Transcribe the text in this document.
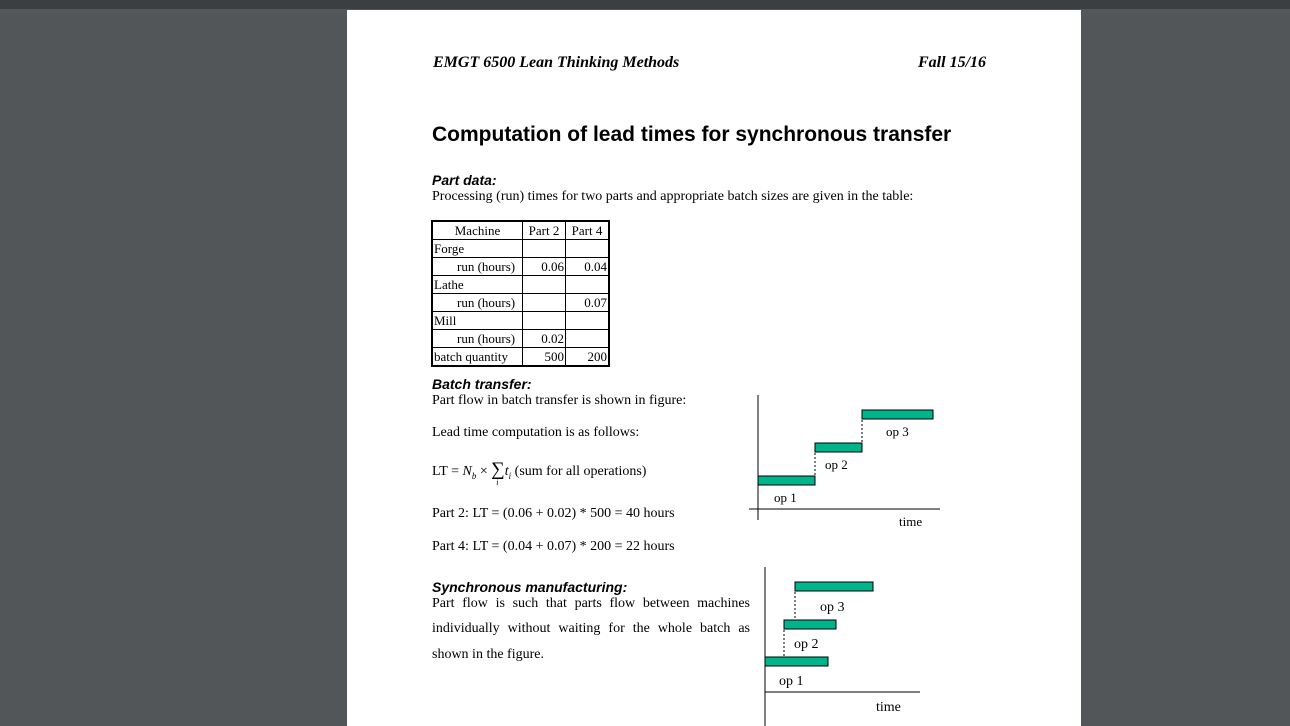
EMGT 6500 Lean Thinking Methods	Fall 15/16
Computation of lead times for synchronous transfer
Part data:
Processing (run) times for two parts and appropriate batch sizes are given in the table:
Machine	Part 2	Part 4
Forge		
run (hours)	0.06	0.04
Lathe		
run (hours)		0.07
Mill		
run (hours)	0.02	
batch quantity	500	200
Batch transfer:
Part flow in batch transfer is shown in figure:
Lead time computation is as follows:
LT = $N_b$ × ∑
i
$t_i$ (sum for all operations)
Part 2: LT = (0.06 + 0.02) * 500 = 40 hours
Part 4: LT = (0.04 + 0.07) * 200 = 22 hours
op 1
op 2
op 3
time
op 1
op 2
op 3
time
Synchronous manufacturing:
Part flow is such that parts flow between machines
individually without waiting for the whole batch as
shown in the figure.
